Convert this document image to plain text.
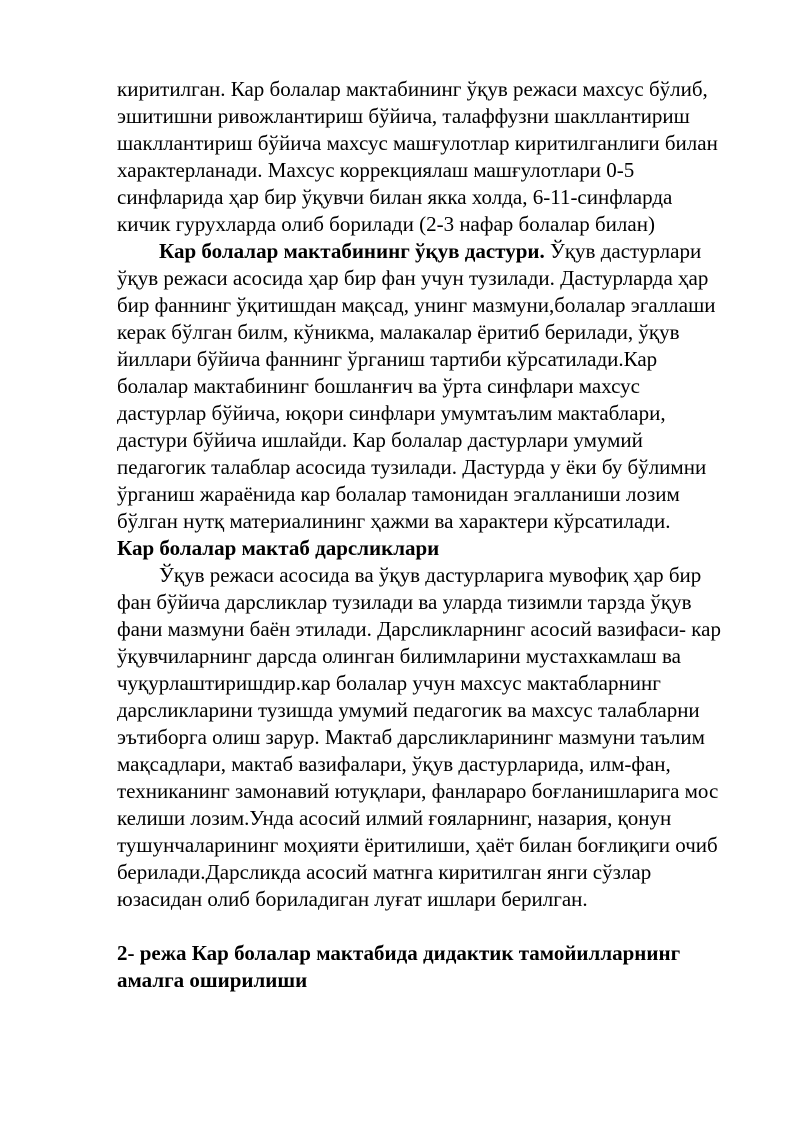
киритилган. Кар болалар мактабининг ўқув режаси махсус бўлиб,
эшитишни ривожлантириш бўйича, талаффузни шакллантириш
шакллантириш бўйича махсус машғулотлар киритилганлиги билан
характерланади. Махсус коррекциялаш машғулотлари 0-5
синфларида ҳар бир ўқувчи билан якка холда, 6-11-синфларда
кичик гурухларда олиб борилади (2-3 нафар болалар билан)
Кар болалар мактабининг ўқув дастури. Ўқув дастурлари
ўқув режаси асосида ҳар бир фан учун тузилади. Дастурларда ҳар
бир фаннинг ўқитишдан мақсад, унинг мазмуни,болалар эгаллаши
керак бўлган билм, кўникма, малакалар ёритиб берилади, ўқув
йиллари бўйича фаннинг ўрганиш тартиби кўрсатилади.Кар
болалар мактабининг бошланғич ва ўрта синфлари махсус
дастурлар бўйича, юқори синфлари умумтаълим мактаблари,
дастури бўйича ишлайди. Кар болалар дастурлари умумий
педагогик талаблар асосида тузилади. Дастурда у ёки бу бўлимни
ўрганиш жараёнида кар болалар тамонидан эгалланиши лозим
бўлган нутқ материалининг ҳажми ва характери кўрсатилади.
Кар болалар мактаб дарсликлари
Ўқув режаси асосида ва ўқув дастурларига мувофиқ ҳар бир
фан бўйича дарсликлар тузилади ва уларда тизимли тарзда ўқув
фани мазмуни баён этилади. Дарсликларнинг асосий вазифаси- кар
ўқувчиларнинг дарсда олинган билимларини мустахкамлаш ва
чуқурлаштиришдир.кар болалар учун махсус мактабларнинг
дарсликларини тузишда умумий педагогик ва махсус талабларни
эътиборга олиш зарур. Мактаб дарсликларининг мазмуни таълим
мақсадлари, мактаб вазифалари, ўқув дастурларида, илм-фан,
техниканинг замонавий ютуқлари, фанлараро боғланишларига мос
келиши лозим.Унда асосий илмий ғояларнинг, назария, қонун
тушунчаларининг моҳияти ёритилиши, ҳаёт билан боғлиқиги очиб
берилади.Дарсликда асосий матнга киритилган янги сўзлар
юзасидан олиб бориладиган луғат ишлари берилган.
2- режа Кар болалар мактабида дидактик тамойилларнинг
амалга оширилиши
